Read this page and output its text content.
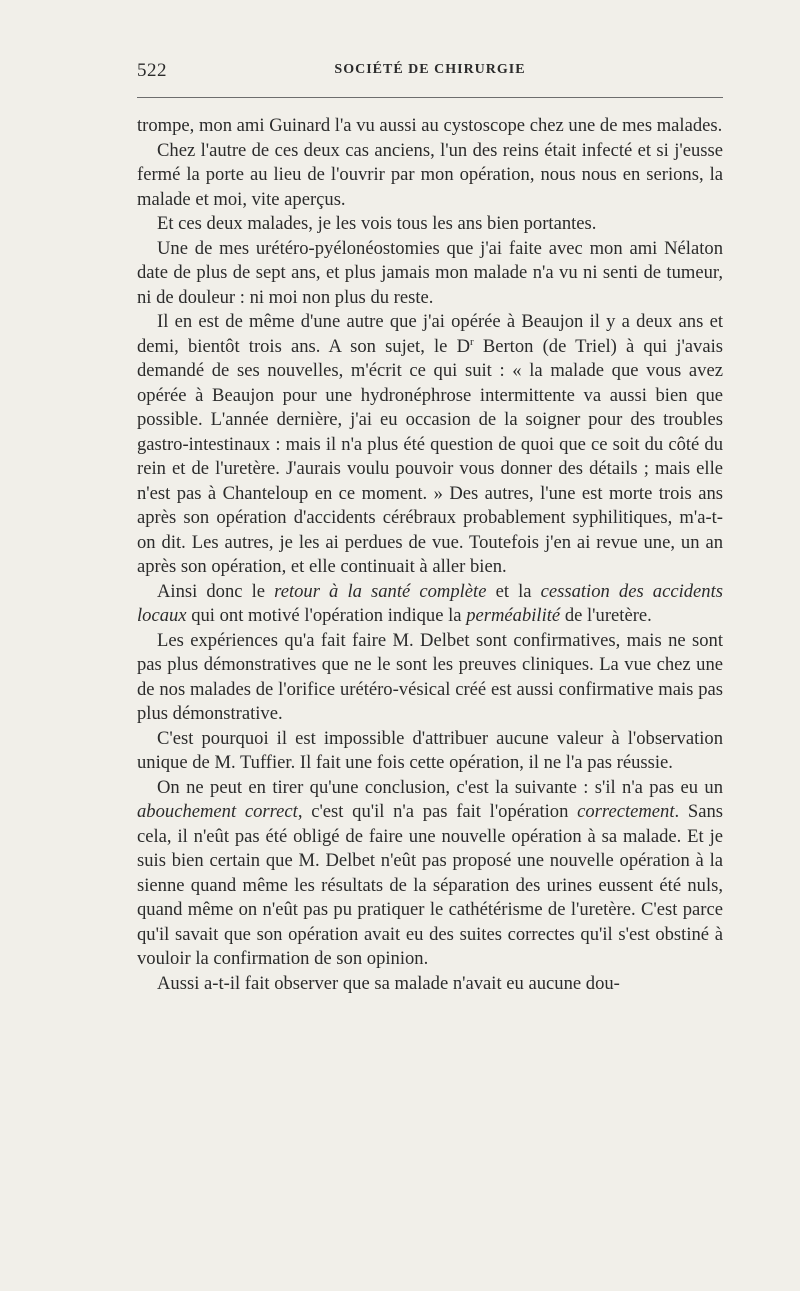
522	SOCIÉTÉ DE CHIRURGIE

trompe, mon ami Guinard l'a vu aussi au cystoscope chez une de mes malades.

Chez l'autre de ces deux cas anciens, l'un des reins était infecté et si j'eusse fermé la porte au lieu de l'ouvrir par mon opération, nous nous en serions, la malade et moi, vite aperçus.

Et ces deux malades, je les vois tous les ans bien portantes.

Une de mes urétéro-pyélonéostomies que j'ai faite avec mon ami Nélaton date de plus de sept ans, et plus jamais mon malade n'a vu ni senti de tumeur, ni de douleur : ni moi non plus du reste.

Il en est de même d'une autre que j'ai opérée à Beaujon il y a deux ans et demi, bientôt trois ans. A son sujet, le $D^r$ Berton (de Triel) à qui j'avais demandé de ses nouvelles, m'écrit ce qui suit : « la malade que vous avez opérée à Beaujon pour une hydronéphrose intermittente va aussi bien que possible. L'année dernière, j'ai eu occasion de la soigner pour des troubles gastro-intestinaux : mais il n'a plus été question de quoi que ce soit du côté du rein et de l'uretère. J'aurais voulu pouvoir vous donner des détails ; mais elle n'est pas à Chanteloup en ce moment. » Des autres, l'une est morte trois ans après son opération d'accidents cérébraux probablement syphilitiques, m'a-t-on dit. Les autres, je les ai perdues de vue. Toutefois j'en ai revue une, un an après son opération, et elle continuait à aller bien.

Ainsi donc le retour à la santé complète et la cessation des accidents locaux qui ont motivé l'opération indique la perméabilité de l'uretère.

Les expériences qu'a fait faire M. Delbet sont confirmatives, mais ne sont pas plus démonstratives que ne le sont les preuves cliniques. La vue chez une de nos malades de l'orifice urétéro-vésical créé est aussi confirmative mais pas plus démonstrative.

C'est pourquoi il est impossible d'attribuer aucune valeur à l'observation unique de M. Tuffier. Il fait une fois cette opération, il ne l'a pas réussie.

On ne peut en tirer qu'une conclusion, c'est la suivante : s'il n'a pas eu un abouchement correct, c'est qu'il n'a pas fait l'opération correctement. Sans cela, il n'eût pas été obligé de faire une nouvelle opération à sa malade. Et je suis bien certain que M. Delbet n'eût pas proposé une nouvelle opération à la sienne quand même les résultats de la séparation des urines eussent été nuls, quand même on n'eût pas pu pratiquer le cathétérisme de l'uretère. C'est parce qu'il savait que son opération avait eu des suites correctes qu'il s'est obstiné à vouloir la confirmation de son opinion.

Aussi a-t-il fait observer que sa malade n'avait eu aucune dou-
